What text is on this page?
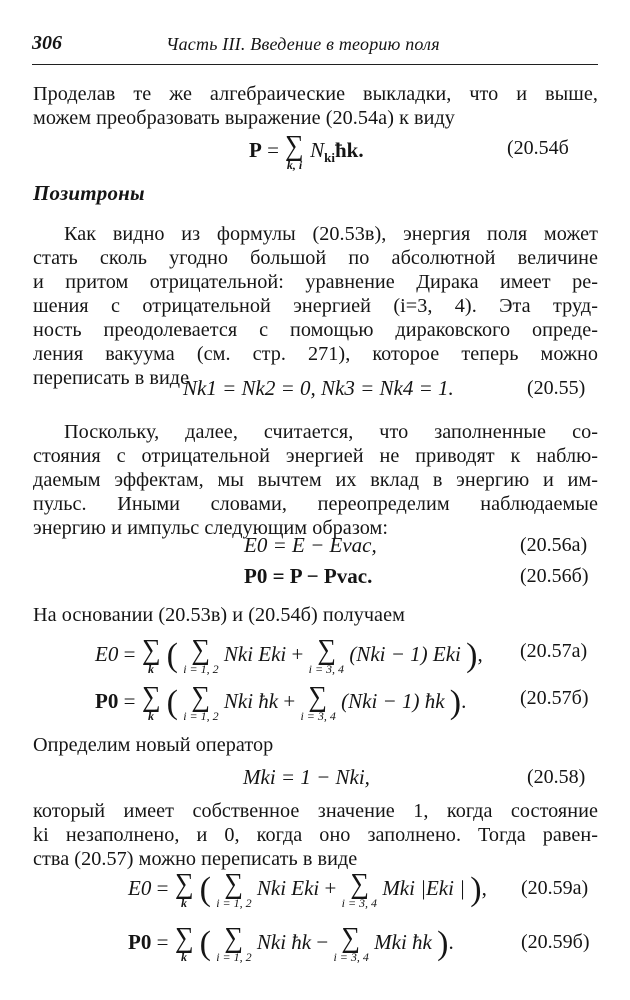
306	Часть III. Введение в теорию поля
Проделав те же алгебраические выкладки, что и выше,
можем преобразовать выражение (20.54а) к виду
P = ∑
k, i
$N_{ki}ħk$.	(20.54б
Позитроны
Как видно из формулы (20.53в), энергия поля может
стать сколь угодно большой по абсолютной величине
и притом отрицательной: уравнение Дирака имеет ре-
шения с отрицательной энергией (i=3, 4). Эта труд-
ность преодолевается с помощью дираковского опреде-
ления вакуума (см. стр. 271), которое теперь можно
переписать в виде
Nk1 = Nk2 = 0, Nk3 = Nk4 = 1.	(20.55)
Поскольку, далее, считается, что заполненные со-
стояния с отрицательной энергией не приводят к наблю-
даемым эффектам, мы вычтем их вклад в энергию и им-
пульс. Иными словами, переопределим наблюдаемые
энергию и импульс следующим образом:
E0 = E − Evac,	(20.56а)
P0 = P − Pvac.	(20.56б)
На основании (20.53в) и (20.54б) получаем
E0 = ∑
k ( ∑
i = 1, 2
Nki Eki + ∑
i = 3, 4
(Nki − 1) Eki ), (20.57а)
P0 = ∑
k ( ∑
i = 1, 2
Nki ħk + ∑
i = 3, 4
(Nki − 1) ħk ).	(20.57б)
Определим новый оператор
Mki = 1 − Nki,	(20.58)
который имеет собственное значение 1, когда состояние
ki незаполнено, и 0, когда оно заполнено. Тогда равен-
ства (20.57) можно переписать в виде
E0 = ∑
k ( ∑
i = 1, 2
Nki Eki + ∑
i = 3, 4
Mki |Eki | ), (20.59а)
P0 = ∑
k ( ∑
i = 1, 2
Nki ħk − ∑
i = 3, 4
Mki ħk ).	(20.59б)
